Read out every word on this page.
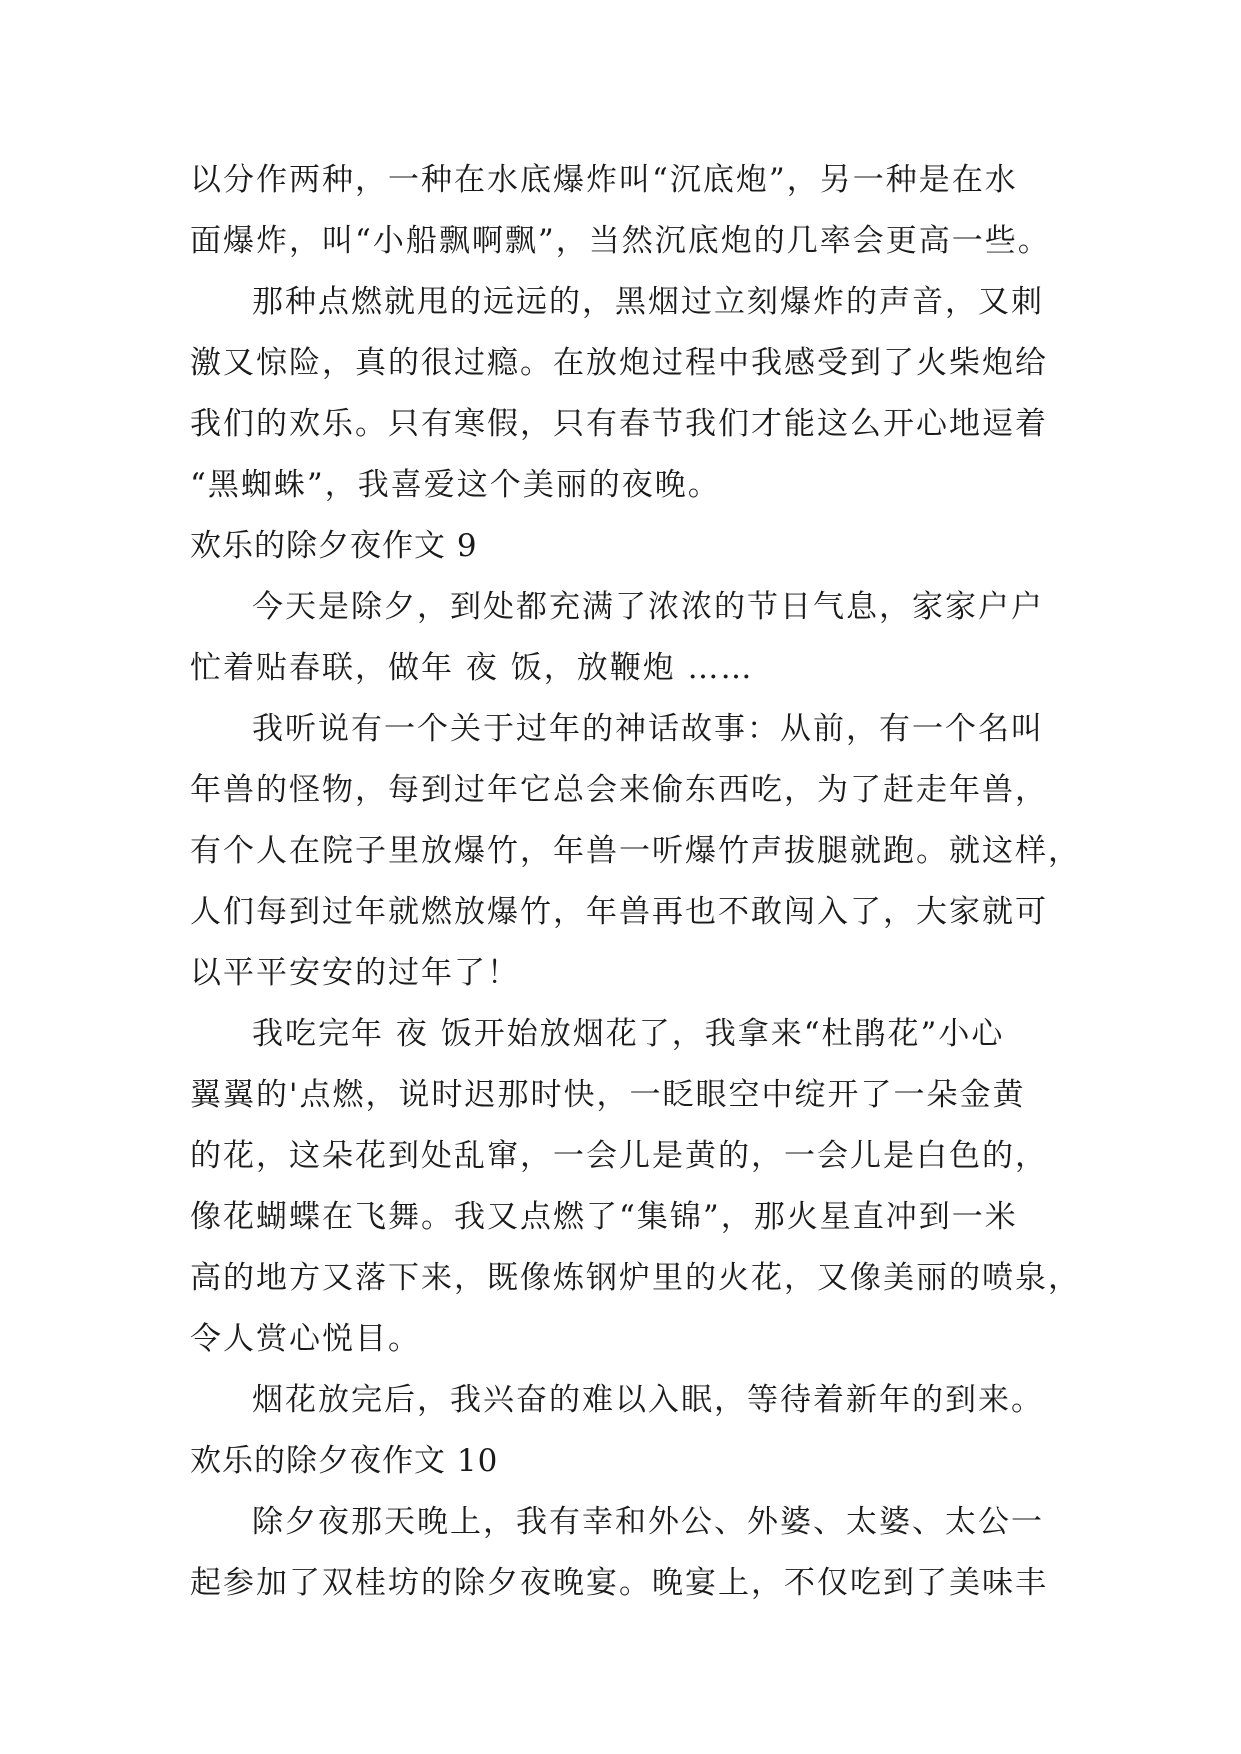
以分作两种，一种在水底爆炸叫“沉底炮”，另一种是在水
面爆炸，叫“小船飘啊飘”，当然沉底炮的几率会更高一些。
那种点燃就甩的远远的，黑烟过立刻爆炸的声音，又刺
激又惊险，真的很过瘾。在放炮过程中我感受到了火柴炮给
我们的欢乐。只有寒假，只有春节我们才能这么开心地逗着
“黑蜘蛛”，我喜爱这个美丽的夜晚。
欢乐的除夕夜作文 9
今天是除夕，到处都充满了浓浓的节日气息，家家户户
忙着贴春联，做年 夜 饭，放鞭炮 ……
我听说有一个关于过年的神话故事：从前，有一个名叫
年兽的怪物，每到过年它总会来偷东西吃，为了赶走年兽，
有个人在院子里放爆竹，年兽一听爆竹声拔腿就跑。就这样，
人们每到过年就燃放爆竹，年兽再也不敢闯入了，大家就可
以平平安安的过年了！
我吃完年 夜 饭开始放烟花了，我拿来“杜鹃花”小心
翼翼的'点燃，说时迟那时快，一眨眼空中绽开了一朵金黄
的花，这朵花到处乱窜，一会儿是黄的，一会儿是白色的，
像花蝴蝶在飞舞。我又点燃了“集锦”，那火星直冲到一米
高的地方又落下来，既像炼钢炉里的火花，又像美丽的喷泉，
令人赏心悦目。
烟花放完后，我兴奋的难以入眠，等待着新年的到来。
欢乐的除夕夜作文 10
除夕夜那天晚上，我有幸和外公、外婆、太婆、太公一
起参加了双桂坊的除夕夜晚宴。晚宴上，不仅吃到了美味丰
